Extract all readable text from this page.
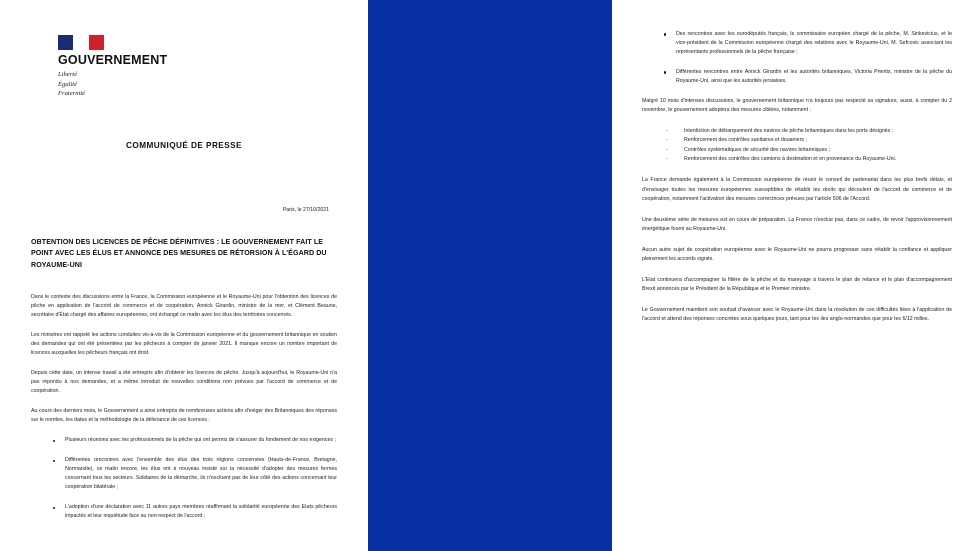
GOUVERNEMENT
Liberté
Égalité
Fraternité
COMMUNIQUÉ DE PRESSE
Paris, le 27/10/2021
OBTENTION DES LICENCES DE PÊCHE DÉFINITIVES : LE GOUVERNEMENT FAIT LE POINT AVEC LES ÉLUS ET ANNONCE DES MESURES DE RÉTORSION À L'ÉGARD DU ROYAUME-UNI

Dans le contexte des discussions entre la France, la Commission européenne et le Royaume-Uni pour l'obtention des licences de pêche en application de l'accord de commerce et de coopération, Annick Girardin, ministre de la mer, et Clément Beaune, secrétaire d'État chargé des affaires européennes, ont échangé ce matin avec les élus des territoires concernés.

Les ministres ont rappelé les actions conduites vis-à-vis de la Commission européenne et du gouvernement britannique en soutien des demandes qui ont été présentées par les pêcheurs à compter de janvier 2021. Il manque encore un nombre important de licences auxquelles les pêcheurs français ont droit.

Depuis cette date, un intense travail a été entrepris afin d'obtenir les licences de pêche. Jusqu'à aujourd'hui, le Royaume-Uni n'a pas répondu à nos demandes, et a même introduit de nouvelles conditions non prévues par l'accord de commerce et de coopération.

Au cours des derniers mois, le Gouvernement a ainsi entrepris de nombreuses actions afin d'exiger des Britanniques des réponses sur le nombre, les dates et la méthodologie de la délivrance de ces licences :

Plusieurs réunions avec les professionnels de la pêche qui ont permis de s'assurer du fondement de nos exigences ;
Différentes rencontres avec l'ensemble des élus des trois régions concernées (Hauts-de-France, Bretagne, Normandie), ce matin encore, les élus ont à nouveau insisté sur la nécessité d'adopter des mesures fermes concernant tous les secteurs. Solidaires de la démarche, ils n'excluent pas de leur côté des actions concernant leur coopération bilatérale ;
L'adoption d'une déclaration avec 11 autres pays membres réaffirmant la solidarité européenne des Etats pêcheurs impactés et leur inquiétude face au non-respect de l'accord ;
Des rencontres avec les eurodéputés français, le commissaire européen chargé de la pêche, M. Sinkevicius, et le vice-président de la Commission européenne chargé des relations avec le Royaume-Uni, M. Sefcovic associant les représentants professionnels de la pêche française ;
Différentes rencontres entre Annick Girardin et les autorités britanniques, Victoria Prentis, ministre de la pêche du Royaume-Uni, ainsi que les autorités jersiaises.

Malgré 10 mois d'intenses discussions, le gouvernement britannique n'a toujours pas respecté sa signature, aussi, à compter du 2 novembre, le gouvernement adoptera des mesures ciblées, notamment :

- Interdiction de débarquement des navires de pêche britanniques dans les ports désignés ;
- Renforcement des contrôles sanitaires et douaniers ;
- Contrôles systématiques de sécurité des navires britanniques ;
- Renforcement des contrôles des camions à destination et en provenance du Royaume-Uni.

La France demande également à la Commission européenne de réunir le conseil de partenariat dans les plus brefs délais, et d'envisager toutes les mesures européennes susceptibles de rétablir les droits qui découlent de l'accord de commerce et de coopération, notamment l'activation des mesures correctrices prévues par l'article 506 de l'Accord.

Une deuxième série de mesures est en cours de préparation. La France n'exclue pas, dans ce cadre, de revoir l'approvisionnement énergétique fourni au Royaume-Uni.

Aucun autre sujet de coopération européenne avec le Royaume-Uni ne pourra progresser sans rétablir la confiance et appliquer pleinement les accords signés.

L'Etat continuera d'accompagner la filière de la pêche et du mareyage à travers le plan de relance et le plan d'accompagnement Brexit annoncés par le Président de la République et le Premier ministre.

Le Gouvernement maintient son souhait d'avancer avec le Royaume-Uni dans la résolution de ces difficultés liées à l'application de l'accord et attend des réponses concrètes sous quelques jours, tant pour les iles anglo-normandes que pour les 6/12 milles.
